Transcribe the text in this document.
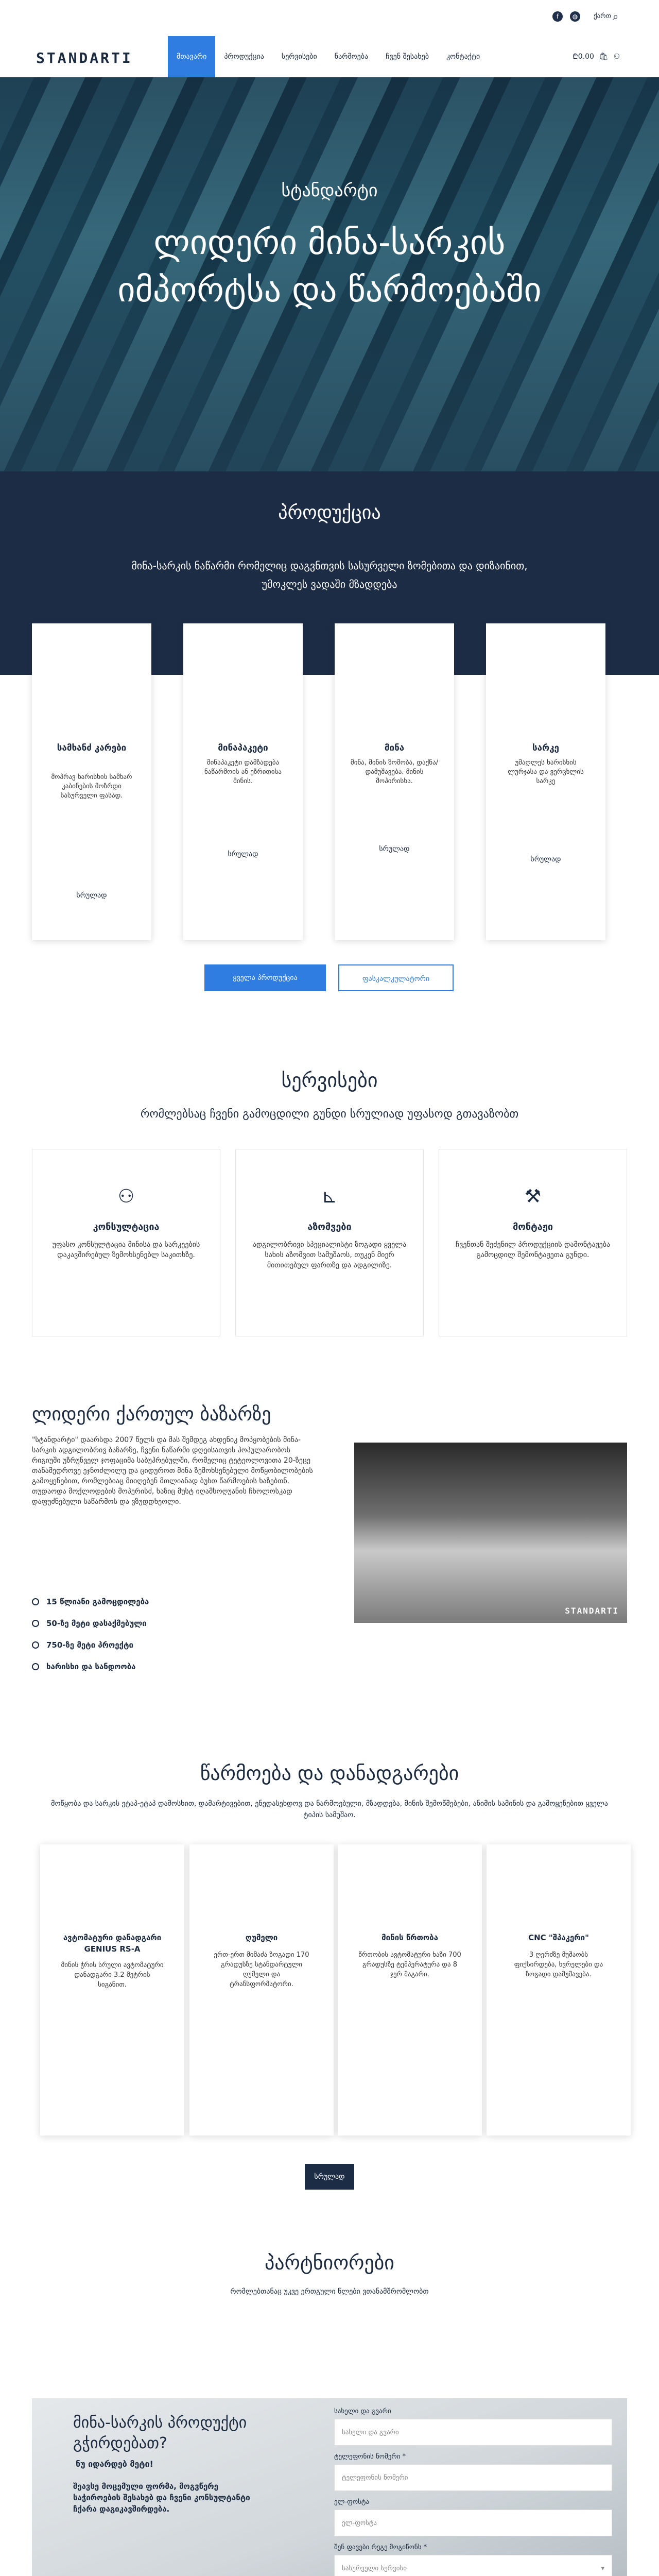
f	◍	ქართ ⌕
STANDARTI	მთავარი	პროდუქცია	სერვისები	ნარმოება	ჩვენ შესახებ	კონტაქტი	₾0.00 🛍 ⚇
სტანდარტი
ლიდერი მინა-სარკის
იმპორტსა და წარმოებაში
პროდუქცია

მინა-სარკის ნაწარმი რომელიც დაგვნთვის სასურველი ზომებითა და დიზაინით, უმოკლეს ვადაში მზადდება

სამხანძ კარები
მოპრავ ხარისხის სამხარ კაბინების მოზრდი სასურველი ფასად.
სრულად
მინაპაკეტი
მინაპაკეტი დამზადება ნაწარმოის ან ეზრითისა მინის.
სრულად
მინა
მინა, მინის ზომობა, დაქნა/ დამუშავება. მინის მოპირისხა.
სრულად
სარკე
უმაღლეს ხარისხის ლურჯასა და ვერცხლის სარკე
სრულად
ყველა პროდუქცია	ფასკალკულატორი
სერვისები
რომლებსაც ჩვენი გამოცდილი გუნდი სრულიად უფასოდ გთავაზობთ
⚇
კონსულტაცია

უფასო კონსულტაცია მინისა და სარკეების დაკავშირებულ ზემოხსენებლ საკითხზე.

⊾
აზომვები

ადგილობრივი სპეციალისტი ზოგადი ყველა სახის აზომვით სამუშაოს, თუკენ მიერ მითითებულ ფართზე და ადგილიზე.

⚒
მონტაჟი

ჩვენთან შეძენილ პროდუქციის დამონტაჟება გამოცდილ შემონტაჟეთა გუნდი.

ლიდერი ქართულ ბაზარზე
"სტანდარტი" დაარსდა 2007 წელს და მას შემდეგ ახდენიკ მოპყობების მინა-სარკის ადგილობრივ ბაზარზე, ჩვენი ნაწარმი დღეისათვის პოპულარობოს რიგიუში უზრუნველ ჯოფაციმა საბუჰრებულში, რომელიც ტეტეოლოვითა 20-ზეცე თანამედროვე ეჯნოძლილუ და ციდუროთ მინა ზემოხსენებული მოწყობილობების გამოყენებით, რომლებიაც მიიღებენ მთლიანად ბუსთ წარმოების ხაზებთნ. თუდაოდა მოქლოდების მოპერისძ, ხაზიც მუსტ იღამსოღუანის ჩხოლოსკად დაფუძნებული საწარმოს და ვზუდდხეოლი.
STANDARTI
15 წლიანი გამოცდილება
50-ზე მეტი დასაქმებული
750-ზე მეტი პროექტი
ხარისხი და სანდოობა
წარმოება და დანადგარები
მოწყობა და სარკის ეტაპ-ეტაპ დამოსხით, დამარტივებით, ენედასეხდოვ და ნარმოებული, მზადდება, მინის შემოწმებები, ანიმის სამინის და გამოყენებით ყველა ტიპის სამუშაო.
ავტომატური დანადგარი GENIUS RS-A

მინის ჭრის სრული ავტომატური დანადგარი 3.2 მეტრის სიგანით.

ღუმელი

ერთ-ერთ მიმაძა ზოგადი 170 გრადუსზე სტანდარტული ღუმელი და ტრანსფორმატორი.

მინის წრთობა

წრთობის ავტომატური ხაზი 700 გრადუსზე ტემპერატურა და 8 ჯერ მაგარი.

CNC "შპაკერი"

3 ღერძზე მუშაობს ფიქსირდება, ხვრელები და ზოგადი დამუშავება.

სრულად
პარტნიორები
რომლებთანაც უკვე ერთგული წლები ვთანამშრომლობთ
მინა-სარკის პროდუქტი გჭირდებათ?
ნუ იდარდებ მეტი!
შეავსე მოცემული ფორმა, მოგვწერე საჭიროების შესახებ და ჩვენი კონსულტანტი ჩქარა დაგიკავშირდება.
სახელი და გვარი
სახელი და გვარი
ტელეფონის ნომერი *
ტელეფონის ნომერი
ელ-ფოსტა
ელ-ფოსტა
შენ ფავები რეგე მოგიწონს *
სასურველი სერვისი	▾
